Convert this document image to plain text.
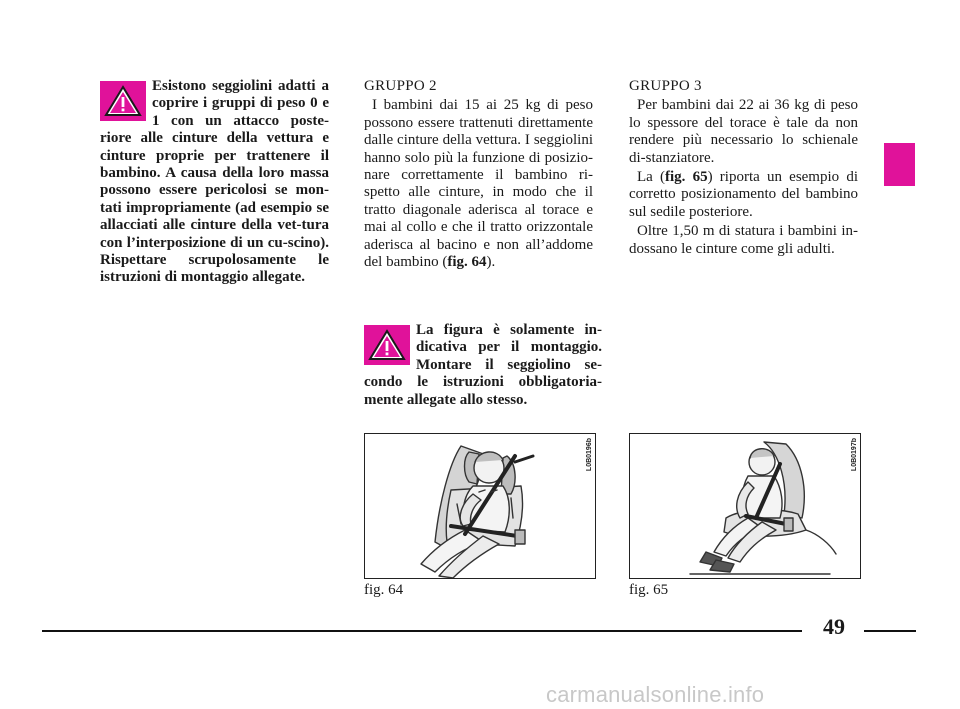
Esistono seggiolini adatti a coprire i gruppi di peso 0 e 1 con un attacco poste-riore alle cinture della vettura e cinture proprie per trattenere il bambino. A causa della loro massa possono essere pericolosi se mon-tati impropriamente (ad esempio se allacciati alle cinture della vet-tura con l’interposizione di un cu-scino). Rispettare scrupolosamente le istruzioni di montaggio allegate.

GRUPPO 2

I bambini dai 15 ai 25 kg di peso possono essere trattenuti direttamente dalle cinture della vettura. I seggiolini hanno solo più la funzione di posizio-nare correttamente il bambino ri-spetto alle cinture, in modo che il tratto diagonale aderisca al torace e mai al collo e che il tratto orizzontale aderisca al bacino e non all’addome del bambino (fig. 64).

La figura è solamente in-dicativa per il montaggio. Montare il seggiolino se-condo le istruzioni obbligatoria-mente allegate allo stesso.

GRUPPO 3

Per bambini dai 22 ai 36 kg di peso lo spessore del torace è tale da non rendere più necessario lo schienale di-stanziatore.

La (fig. 65) riporta un esempio di corretto posizionamento del bambino sul sedile posteriore.

Oltre 1,50 m di statura i bambini in-dossano le cinture come gli adulti.

L0B0196b
fig. 64
L0B0197b
fig. 65
49
carmanualsonline.info
